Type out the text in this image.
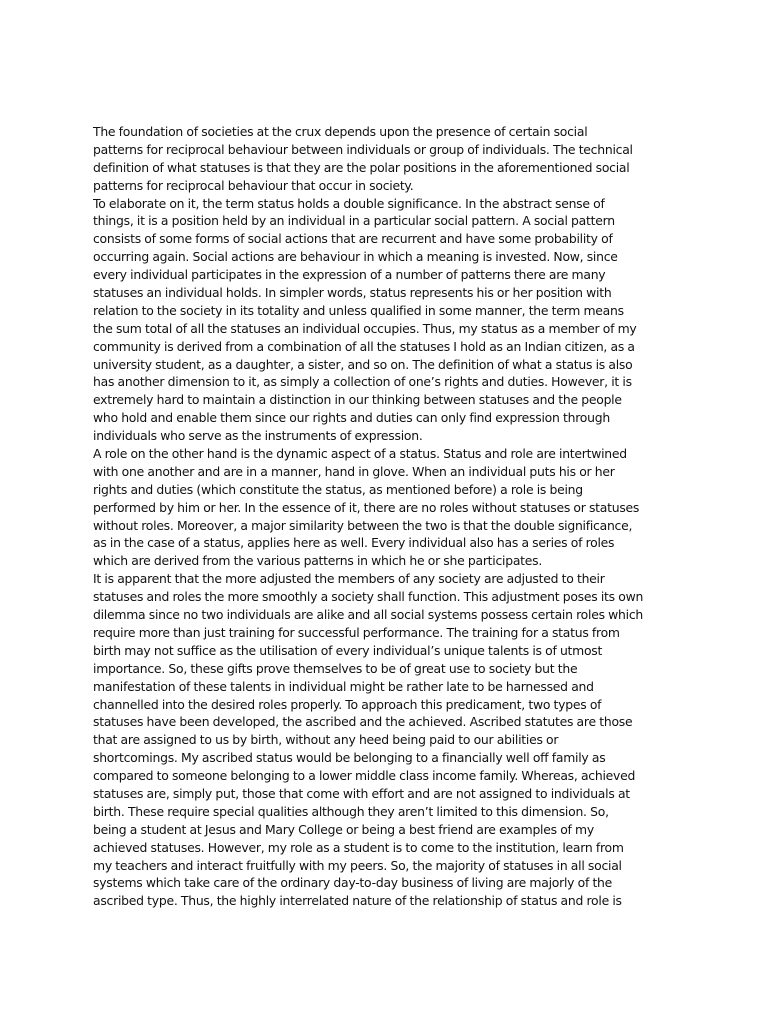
The foundation of societies at the crux depends upon the presence of certain social
patterns for reciprocal behaviour between individuals or group of individuals. The technical
definition of what statuses is that they are the polar positions in the aforementioned social
patterns for reciprocal behaviour that occur in society.
To elaborate on it, the term status holds a double significance. In the abstract sense of
things, it is a position held by an individual in a particular social pattern. A social pattern
consists of some forms of social actions that are recurrent and have some probability of
occurring again. Social actions are behaviour in which a meaning is invested. Now, since
every individual participates in the expression of a number of patterns there are many
statuses an individual holds. In simpler words, status represents his or her position with
relation to the society in its totality and unless qualified in some manner, the term means
the sum total of all the statuses an individual occupies. Thus, my status as a member of my
community is derived from a combination of all the statuses I hold as an Indian citizen, as a
university student, as a daughter, a sister, and so on. The definition of what a status is also
has another dimension to it, as simply a collection of one’s rights and duties. However, it is
extremely hard to maintain a distinction in our thinking between statuses and the people
who hold and enable them since our rights and duties can only find expression through
individuals who serve as the instruments of expression.
A role on the other hand is the dynamic aspect of a status. Status and role are intertwined
with one another and are in a manner, hand in glove. When an individual puts his or her
rights and duties (which constitute the status, as mentioned before) a role is being
performed by him or her. In the essence of it, there are no roles without statuses or statuses
without roles. Moreover, a major similarity between the two is that the double significance,
as in the case of a status, applies here as well. Every individual also has a series of roles
which are derived from the various patterns in which he or she participates.
It is apparent that the more adjusted the members of any society are adjusted to their
statuses and roles the more smoothly a society shall function. This adjustment poses its own
dilemma since no two individuals are alike and all social systems possess certain roles which
require more than just training for successful performance. The training for a status from
birth may not suffice as the utilisation of every individual’s unique talents is of utmost
importance. So, these gifts prove themselves to be of great use to society but the
manifestation of these talents in individual might be rather late to be harnessed and
channelled into the desired roles properly. To approach this predicament, two types of
statuses have been developed, the ascribed and the achieved. Ascribed statutes are those
that are assigned to us by birth, without any heed being paid to our abilities or
shortcomings. My ascribed status would be belonging to a financially well off family as
compared to someone belonging to a lower middle class income family. Whereas, achieved
statuses are, simply put, those that come with effort and are not assigned to individuals at
birth. These require special qualities although they aren’t limited to this dimension. So,
being a student at Jesus and Mary College or being a best friend are examples of my
achieved statuses. However, my role as a student is to come to the institution, learn from
my teachers and interact fruitfully with my peers. So, the majority of statuses in all social
systems which take care of the ordinary day-to-day business of living are majorly of the
ascribed type. Thus, the highly interrelated nature of the relationship of status and role is
